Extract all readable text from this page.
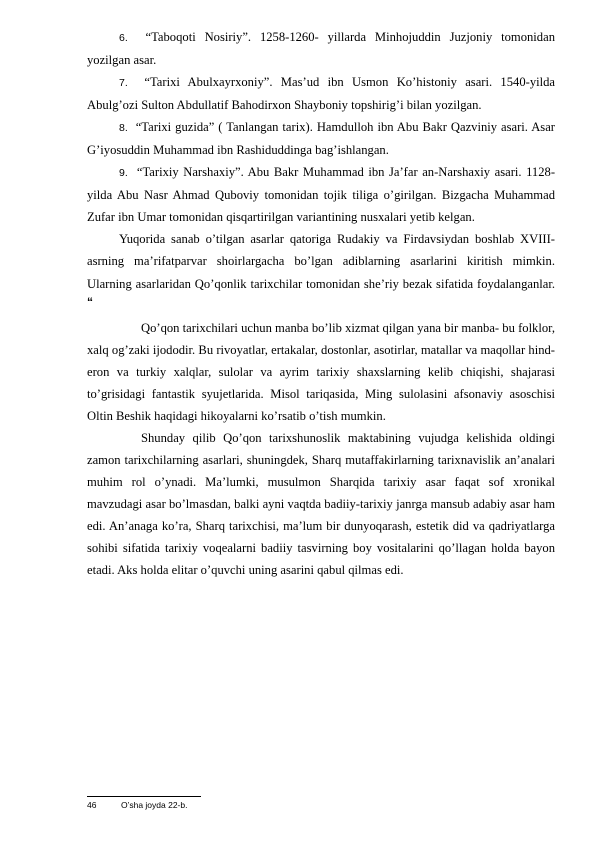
6. “Taboqoti Nosiriy”. 1258-1260- yillarda Minhojuddin Juzjoniy tomonidan yozilgan asar.

7. “Tarixi Abulxayrxoniy”. Mas’ud ibn Usmon Ko’histoniy asari. 1540-yilda Abulg’ozi Sulton Abdullatif Bahodirxon Shayboniy topshirig’i bilan yozilgan.

8. “Tarixi guzida” ( Tanlangan tarix). Hamdulloh ibn Abu Bakr Qazviniy asari. Asar G’iyosuddin Muhammad ibn Rashiduddinga bag’ishlangan.

9.  “Tarixiy Narshaxiy”. Abu Bakr Muhammad ibn Ja’far an-Narshaxiy asari. 1128-yilda Abu Nasr Ahmad Quboviy tomonidan tojik tiliga o’girilgan. Bizgacha Muhammad Zufar ibn Umar tomonidan qisqartirilgan variantining nusxalari yetib kelgan.

Yuqorida sanab o’tilgan asarlar qatoriga Rudakiy va Firdavsiydan boshlab XVIII-asrning ma’rifatparvar shoirlargacha bo’lgan adiblarning asarlarini kiritish mimkin. Ularning asarlaridan Qo’qonlik tarixchilar tomonidan she’riy bezak sifatida foydalanganlar. “

Qo’qon tarixchilari uchun manba bo’lib xizmat qilgan yana bir manba- bu folklor, xalq og’zaki ijododir. Bu rivoyatlar, ertakalar, dostonlar, asotirlar, matallar va maqollar hind- eron va turkiy xalqlar, sulolar va ayrim tarixiy shaxslarning kelib chiqishi, shajarasi to’grisidagi fantastik syujetlarida. Misol tariqasida, Ming sulolasini afsonaviy asoschisi Oltin Beshik haqidagi hikoyalarni ko’rsatib o’tish mumkin.

Shunday qilib Qo’qon tarixshunoslik maktabining vujudga kelishida oldingi zamon tarixchilarning asarlari, shuningdek, Sharq mutaffakirlarning tarixnavislik an’analari muhim rol o’ynadi. Ma’lumki, musulmon Sharqida tarixiy asar faqat sof xronikal mavzudagi asar bo’lmasdan, balki ayni vaqtda badiiy-tarixiy janrga mansub adabiy asar ham edi. An’anaga ko’ra, Sharq tarixchisi, ma’lum bir dunyoqarash, estetik did va qadriyatlarga sohibi sifatida tarixiy voqealarni badiiy tasvirning boy vositalarini qo’llagan holda bayon etadi. Aks holda elitar o’quvchi uning asarini qabul qilmas edi.

46	O’sha joyda 22-b.
